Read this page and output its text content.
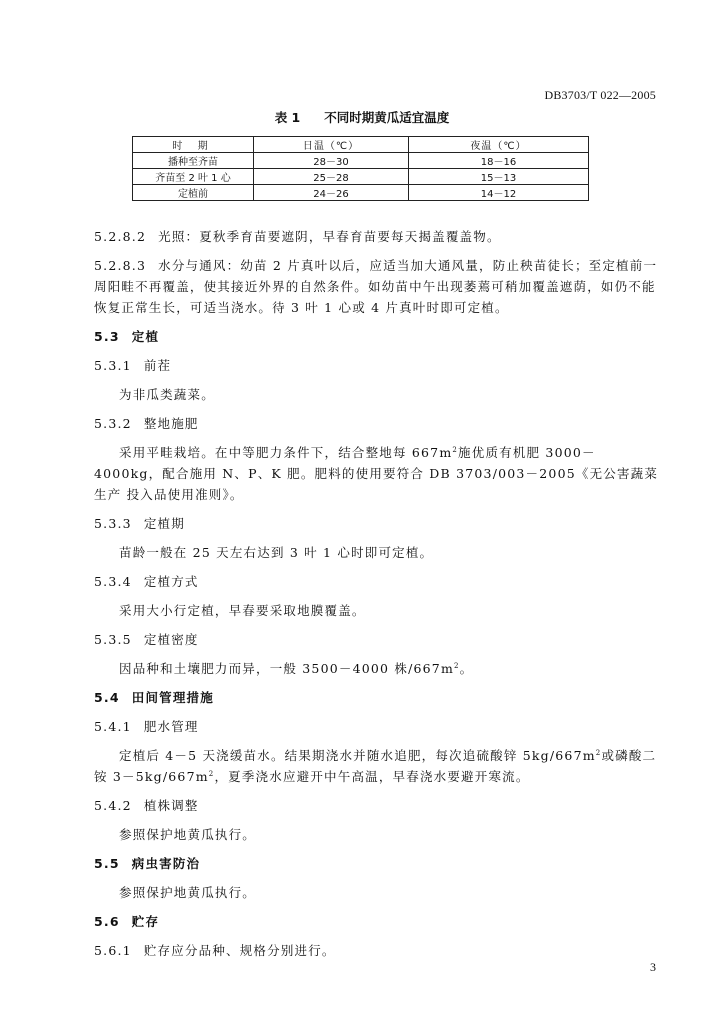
DB3703/T 022—2005
表 1 不同时期黄瓜适宜温度
时 期	日温（℃）	夜温（℃）
播种至齐苗	28－30	18－16
齐苗至 2 叶 1 心	25－28	15－13
定植前	24－26	14－12

5.2.8.2 光照：夏秋季育苗要遮阴，早春育苗要每天揭盖覆盖物。

5.2.8.3 水分与通风：幼苗 2 片真叶以后，应适当加大通风量，防止秧苗徒长；至定植前一周阳畦不再覆盖，使其接近外界的自然条件。如幼苗中午出现萎蔫可稍加覆盖遮荫，如仍不能恢复正常生长，可适当浇水。待 3 叶 1 心或 4 片真叶时即可定植。

5.3 定植

5.3.1 前茬

为非瓜类蔬菜。

5.3.2 整地施肥

采用平畦栽培。在中等肥力条件下，结合整地每 $667m^2$施优质有机肥 3000－4000kg，配合施用 N、P、K 肥。肥料的使用要符合 DB 3703/003－2005《无公害蔬菜生产 投入品使用准则》。

5.3.3 定植期

苗龄一般在 25 天左右达到 3 叶 1 心时即可定植。

5.3.4 定植方式

采用大小行定植，早春要采取地膜覆盖。

5.3.5 定植密度

因品种和土壤肥力而异，一般 3500－4000 株$/667m^2$。

5.4 田间管理措施

5.4.1 肥水管理

定植后 4－5 天浇缓苗水。结果期浇水并随水追肥，每次追硫酸锌 $5kg/667m^2$或磷酸二铵 $3-5kg/667m^2$，夏季浇水应避开中午高温，早春浇水要避开寒流。

5.4.2 植株调整

参照保护地黄瓜执行。

5.5 病虫害防治

参照保护地黄瓜执行。

5.6 贮存

5.6.1 贮存应分品种、规格分别进行。

3
